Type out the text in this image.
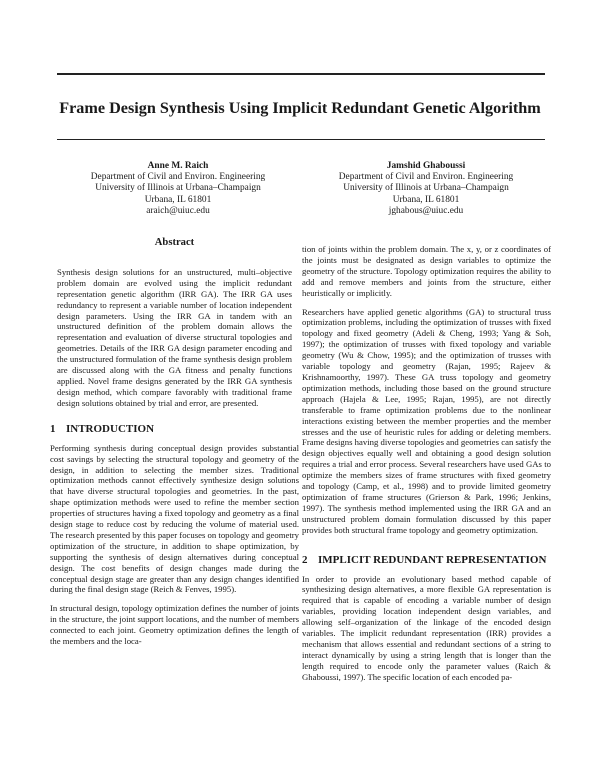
Frame Design Synthesis Using Implicit Redundant Genetic Algorithm
Anne M. Raich
Department of Civil and Environ. Engineering
University of Illinois at Urbana–Champaign
Urbana, IL 61801
araich@uiuc.edu
Jamshid Ghaboussi
Department of Civil and Environ. Engineering
University of Illinois at Urbana–Champaign
Urbana, IL 61801
jghabous@uiuc.edu
Abstract

Synthesis design solutions for an unstructured, multi–objective problem domain are evolved using the implicit redundant representation genetic algorithm (IRR GA). The IRR GA uses redundancy to represent a variable number of location independent design parameters. Using the IRR GA in tandem with an unstructured definition of the problem domain allows the representation and evaluation of diverse structural topologies and geometries. Details of the IRR GA design parameter encoding and the unstructured formulation of the frame synthesis design problem are discussed along with the GA fitness and penalty functions applied. Novel frame designs generated by the IRR GA synthesis design method, which compare favorably with traditional frame design solutions obtained by trial and error, are presented.

1 INTRODUCTION

Performing synthesis during conceptual design provides substantial cost savings by selecting the structural topology and geometry of the design, in addition to selecting the member sizes. Traditional optimization methods cannot effectively synthesize design solutions that have diverse structural topologies and geometries. In the past, shape optimization methods were used to refine the member section properties of structures having a fixed topology and geometry as a final design stage to reduce cost by reducing the volume of material used. The research presented by this paper focuses on topology and geometry optimization of the structure, in addition to shape optimization, by supporting the synthesis of design alternatives during conceptual design. The cost benefits of design changes made during the conceptual design stage are greater than any design changes identified during the final design stage (Reich & Fenves, 1995).

In structural design, topology optimization defines the number of joints in the structure, the joint support locations, and the number of members connected to each joint. Geometry optimization defines the length of the members and the loca-

tion of joints within the problem domain. The x, y, or z coordinates of the joints must be designated as design variables to optimize the geometry of the structure. Topology optimization requires the ability to add and remove members and joints from the structure, either heuristically or implicitly.

Researchers have applied genetic algorithms (GA) to structural truss optimization problems, including the optimization of trusses with fixed topology and fixed geometry (Adeli & Cheng, 1993; Yang & Soh, 1997); the optimization of trusses with fixed topology and variable geometry (Wu & Chow, 1995); and the optimization of trusses with variable topology and geometry (Rajan, 1995; Rajeev & Krishnamoorthy, 1997). These GA truss topology and geometry optimization methods, including those based on the ground structure approach (Hajela & Lee, 1995; Rajan, 1995), are not directly transferable to frame optimization problems due to the nonlinear interactions existing between the member properties and the member stresses and the use of heuristic rules for adding or deleting members. Frame designs having diverse topologies and geometries can satisfy the design objectives equally well and obtaining a good design solution requires a trial and error process. Several researchers have used GAs to optimize the members sizes of frame structures with fixed geometry and topology (Camp, et al., 1998) and to provide limited geometry optimization of frame structures (Grierson & Park, 1996; Jenkins, 1997). The synthesis method implemented using the IRR GA and an unstructured problem domain formulation discussed by this paper provides both structural frame topology and geometry optimization.

2 IMPLICIT REDUNDANT REPRESENTATION

In order to provide an evolutionary based method capable of synthesizing design alternatives, a more flexible GA representation is required that is capable of encoding a variable number of design variables, providing location independent design variables, and allowing self–organization of the linkage of the encoded design variables. The implicit redundant representation (IRR) provides a mechanism that allows essential and redundant sections of a string to interact dynamically by using a string length that is longer than the length required to encode only the parameter values (Raich & Ghaboussi, 1997). The specific location of each encoded pa-
